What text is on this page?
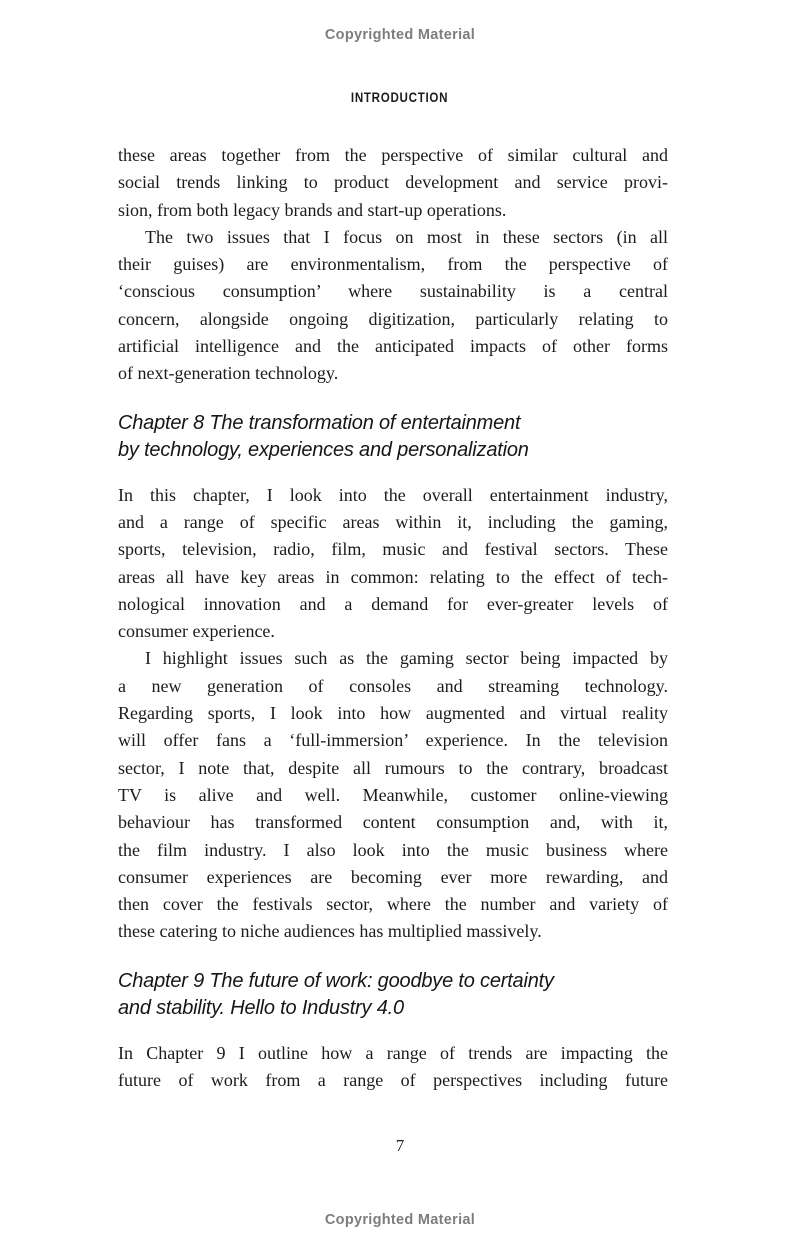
Copyrighted Material
INTRODUCTION
these areas together from the perspective of similar cultural and
social trends linking to product development and service provi-
sion, from both legacy brands and start-up operations.
The two issues that I focus on most in these sectors (in all
their guises) are environmentalism, from the perspective of
‘conscious consumption’ where sustainability is a central
concern, alongside ongoing digitization, particularly relating to
artificial intelligence and the anticipated impacts of other forms
of next-generation technology.
Chapter 8 The transformation of entertainment
by technology, experiences and personalization
In this chapter, I look into the overall entertainment industry,
and a range of specific areas within it, including the gaming,
sports, television, radio, film, music and festival sectors. These
areas all have key areas in common: relating to the effect of tech-
nological innovation and a demand for ever-greater levels of
consumer experience.
I highlight issues such as the gaming sector being impacted by
a new generation of consoles and streaming technology.
Regarding sports, I look into how augmented and virtual reality
will offer fans a ‘full-immersion’ experience. In the television
sector, I note that, despite all rumours to the contrary, broadcast
TV is alive and well. Meanwhile, customer online-viewing
behaviour has transformed content consumption and, with it,
the film industry. I also look into the music business where
consumer experiences are becoming ever more rewarding, and
then cover the festivals sector, where the number and variety of
these catering to niche audiences has multiplied massively.
Chapter 9 The future of work: goodbye to certainty
and stability. Hello to Industry 4.0
In Chapter 9 I outline how a range of trends are impacting the
future of work from a range of perspectives including future
7
Copyrighted Material
